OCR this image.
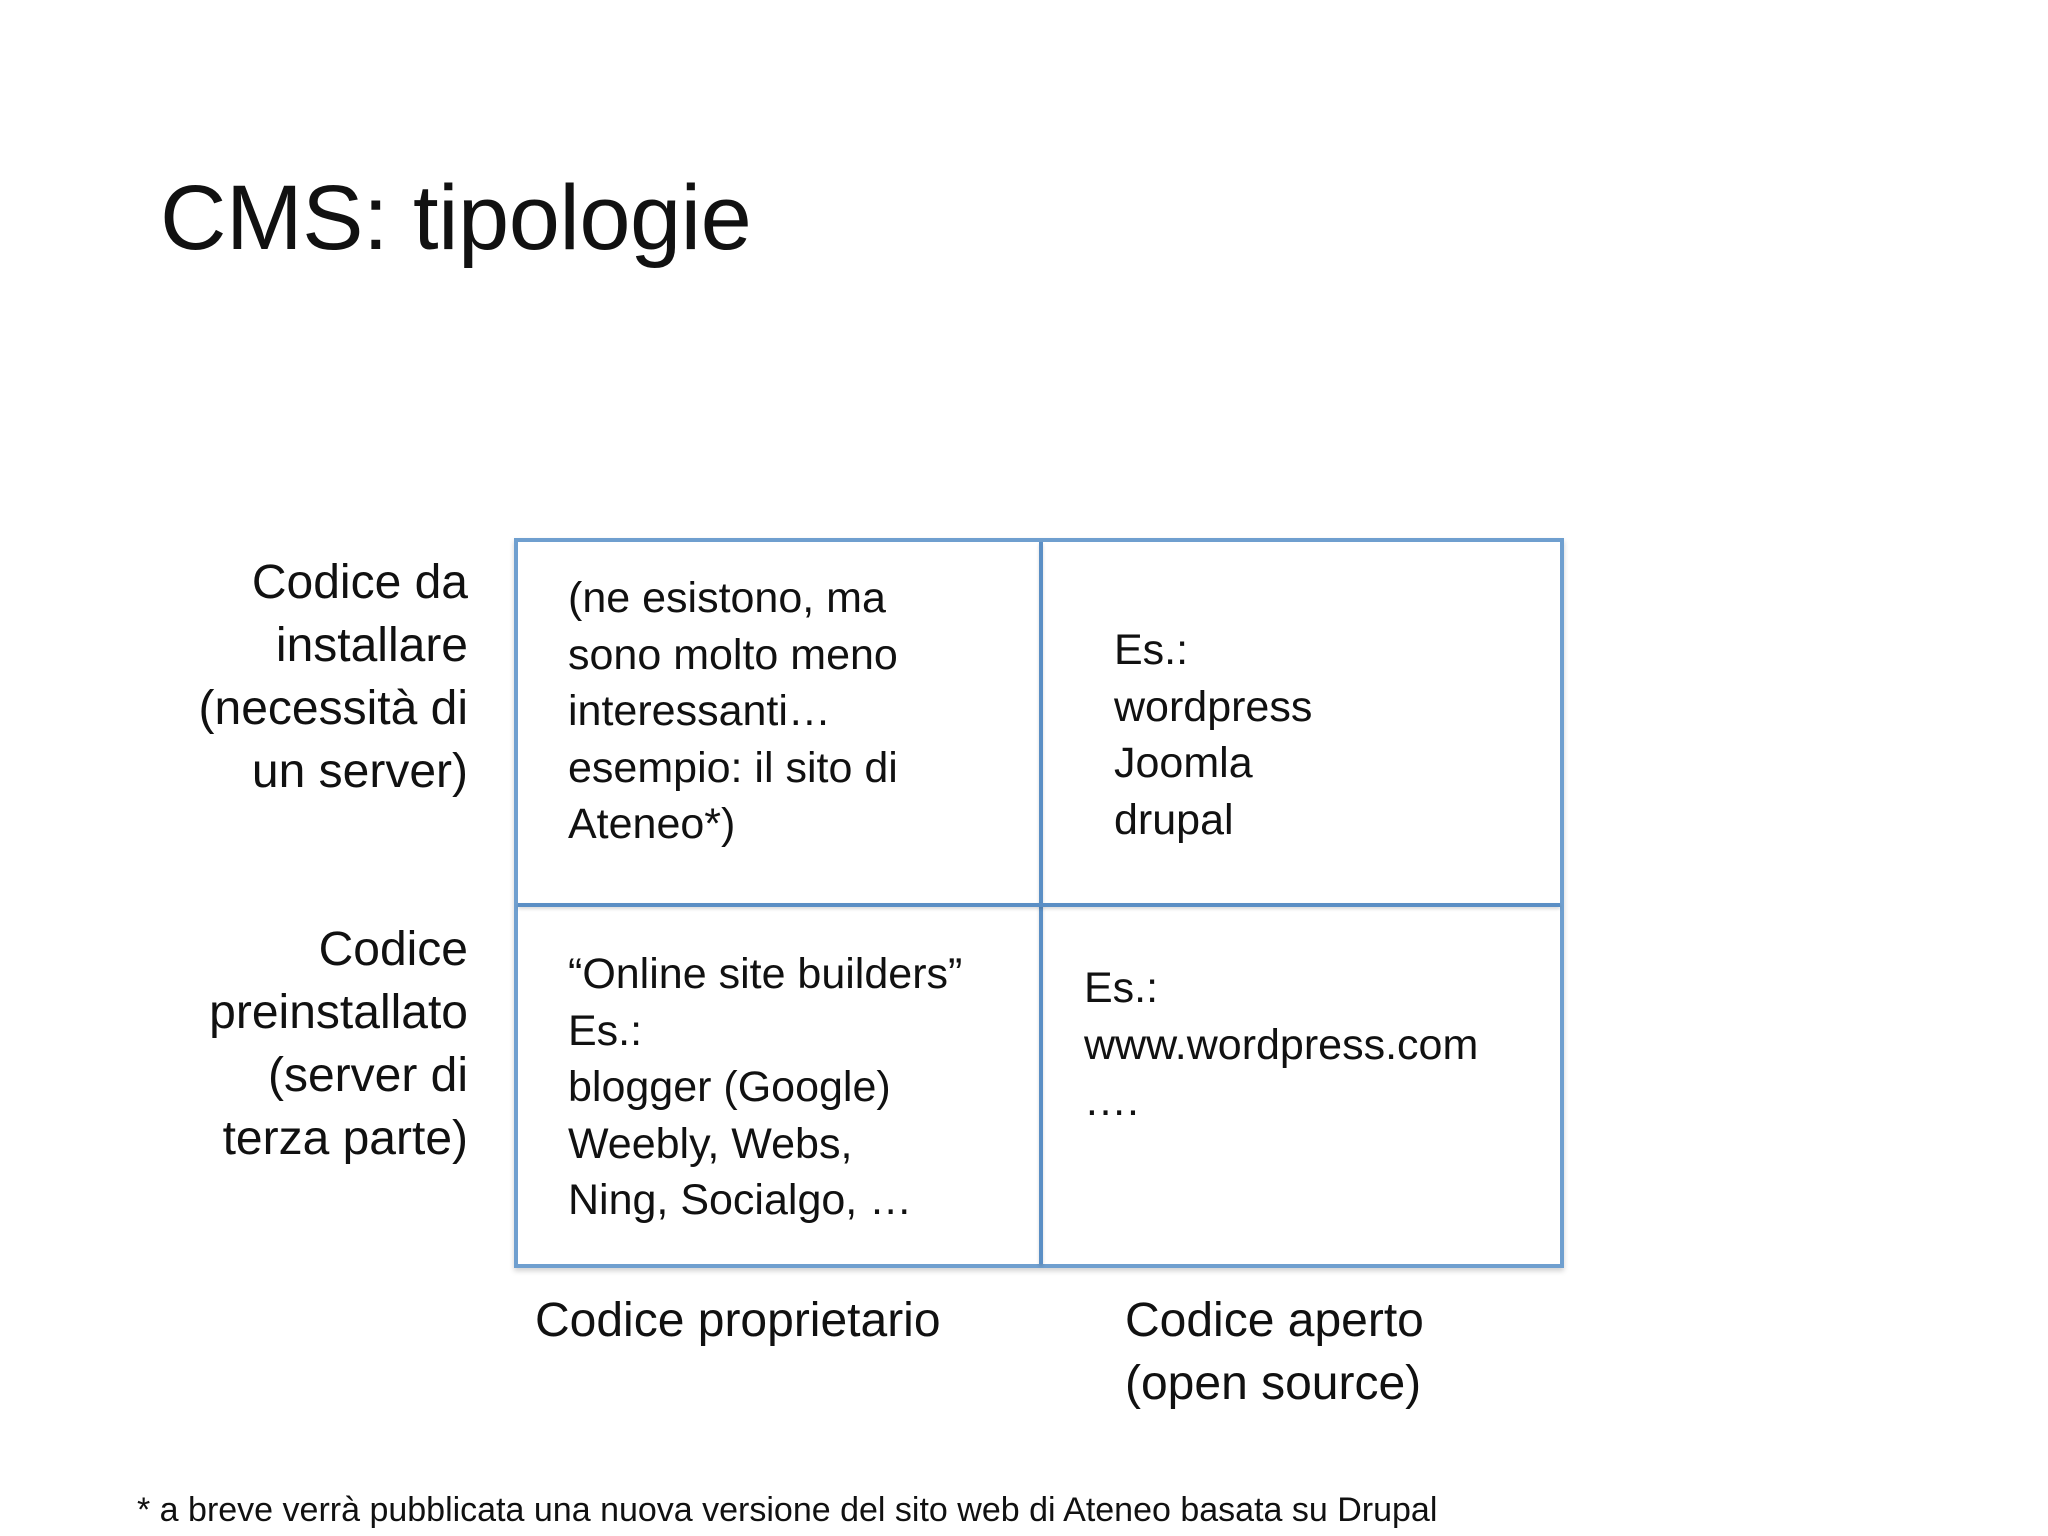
CMS: tipologie
Codice da
installare
(necessità di
un server)
Codice
preinstallato
(server di
terza parte)
(ne esistono, ma
sono molto meno
interessanti…
esempio: il sito di
Ateneo*)
Es.:
wordpress
Joomla
drupal
“Online site builders”
Es.:
blogger (Google)
Weebly, Webs,
Ning, Socialgo, …
Es.:
www.wordpress.com
….
Codice proprietario	Codice aperto
(open source)
* a breve verrà pubblicata una nuova versione del sito web di Ateneo basata su Drupal
